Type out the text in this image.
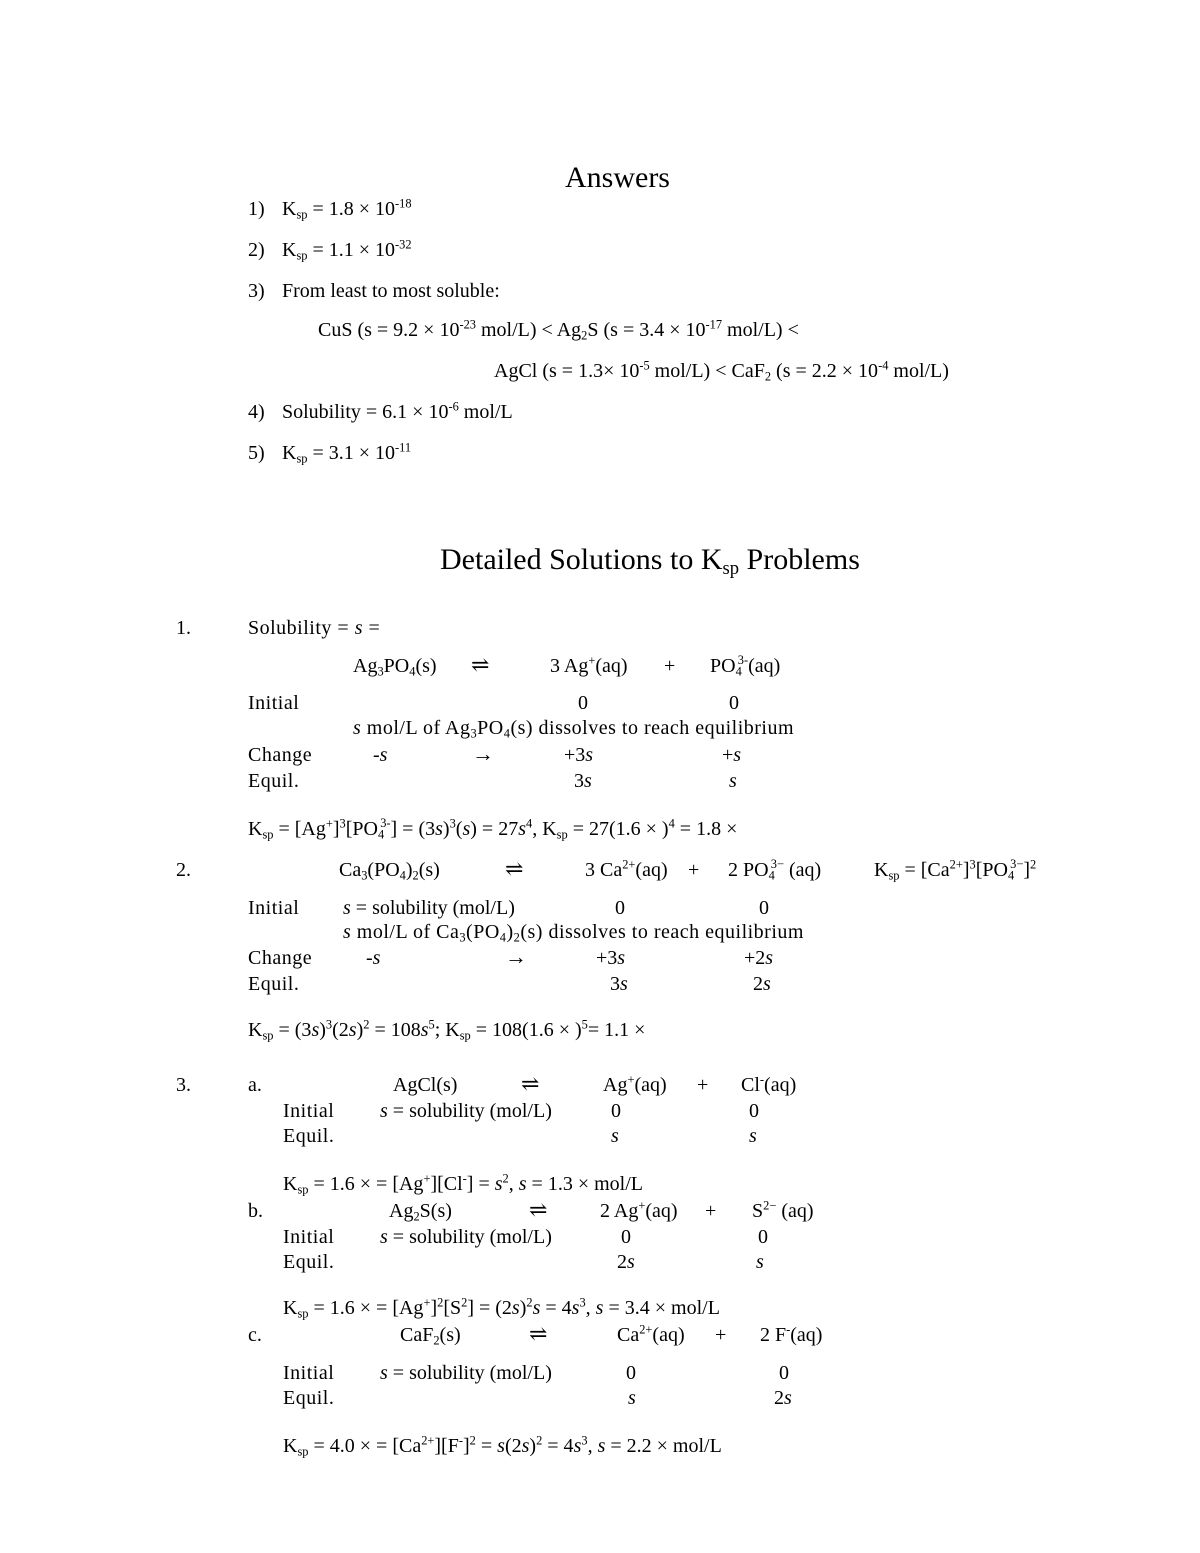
Answers
1) $K_{sp} = 1.8 \times 10^{-18}$
2) $K_{sp} = 1.1 \times 10^{-32}$
3) From least to most soluble:
CuS ($s = 9.2 \times 10^{-23}$ $mol/L) < Ag_2S$ ($s = 3.4 \times 10^{-17}$ mol/L) <
AgCl ($s = 1.3\times 10^{-5}$ mol/L) < CaF$_2$ ($s = 2.2 \times 10^{-4}$ mol/L)
4) Solubility = $6.1 \times 10^{-6}$ mol/L
5) $K_{sp} = 3.1 \times 10^{-11}$
Detailed Solutions to $K_{sp}$ Problems
1.	Solubility = s =
$Ag_3PO_4(s)$ ⇌	3 $Ag^+(aq) + PO_4^{3-}(aq)$
Initial	0	0
s mol/L of $Ag_3PO_4(s)$ dissolves to reach equilibrium
Change	-s	→	+3s	+s
Equil.	3s	s
$K_{sp} = [Ag^+]^3[PO_4^{3-}] = (3s)^3(s) = 27s^4$, $K_{sp} = 27(1.6 \times )^4 = 1.8$ ×
2.	$Ca_3(PO_4)_2(s)$	⇌	3 $Ca^{2+}(aq) + 2$ $PO_4^{3-}$ (aq)	$K_{sp} = [Ca^{2+}]^3[PO_4^{3-}]^2$
Initial s = solubility (mol/L)	0	0
s mol/L of $Ca_3(PO_4)_2(s)$ dissolves to reach equilibrium
Change	-s	→	+3s	+2s
Equil.	3s	2s
$K_{sp} = (3s)^3(2s)^2 = 108s^5$; $K_{sp} = 108(1.6 \times )^5= 1.1$ ×
3.	a.	AgCl(s)	⇌	Ag+(aq) + Cl-(aq)
Initial s = solubility (mol/L)	0	0
Equil.	s	s
$K_{sp} = 1.6$ × = $[Ag^+][Cl^-] = s^2$, s = 1.3 × mol/L
b.	$Ag_2S(s)$	⇌	2 $Ag^+(aq) + S^{2-}$ (aq)
Initial s = solubility (mol/L)	0	0
Equil.	2s	s
$K_{sp} = 1.6$ × = $[Ag^+]^2[S^2] = (2s)^2s = 4s^3$, s = 3.4 × mol/L
c.	CaF$_2$(s)	⇌	$Ca^{2+}(aq) + 2$ F-(aq)
Initial s = solubility (mol/L)	0	0
Equil.	s	2s
$K_{sp} = 4.0$ × = $[Ca^{2+}][F^-]^2 = s(2s)^2 = 4s^3$, s = 2.2 × mol/L
